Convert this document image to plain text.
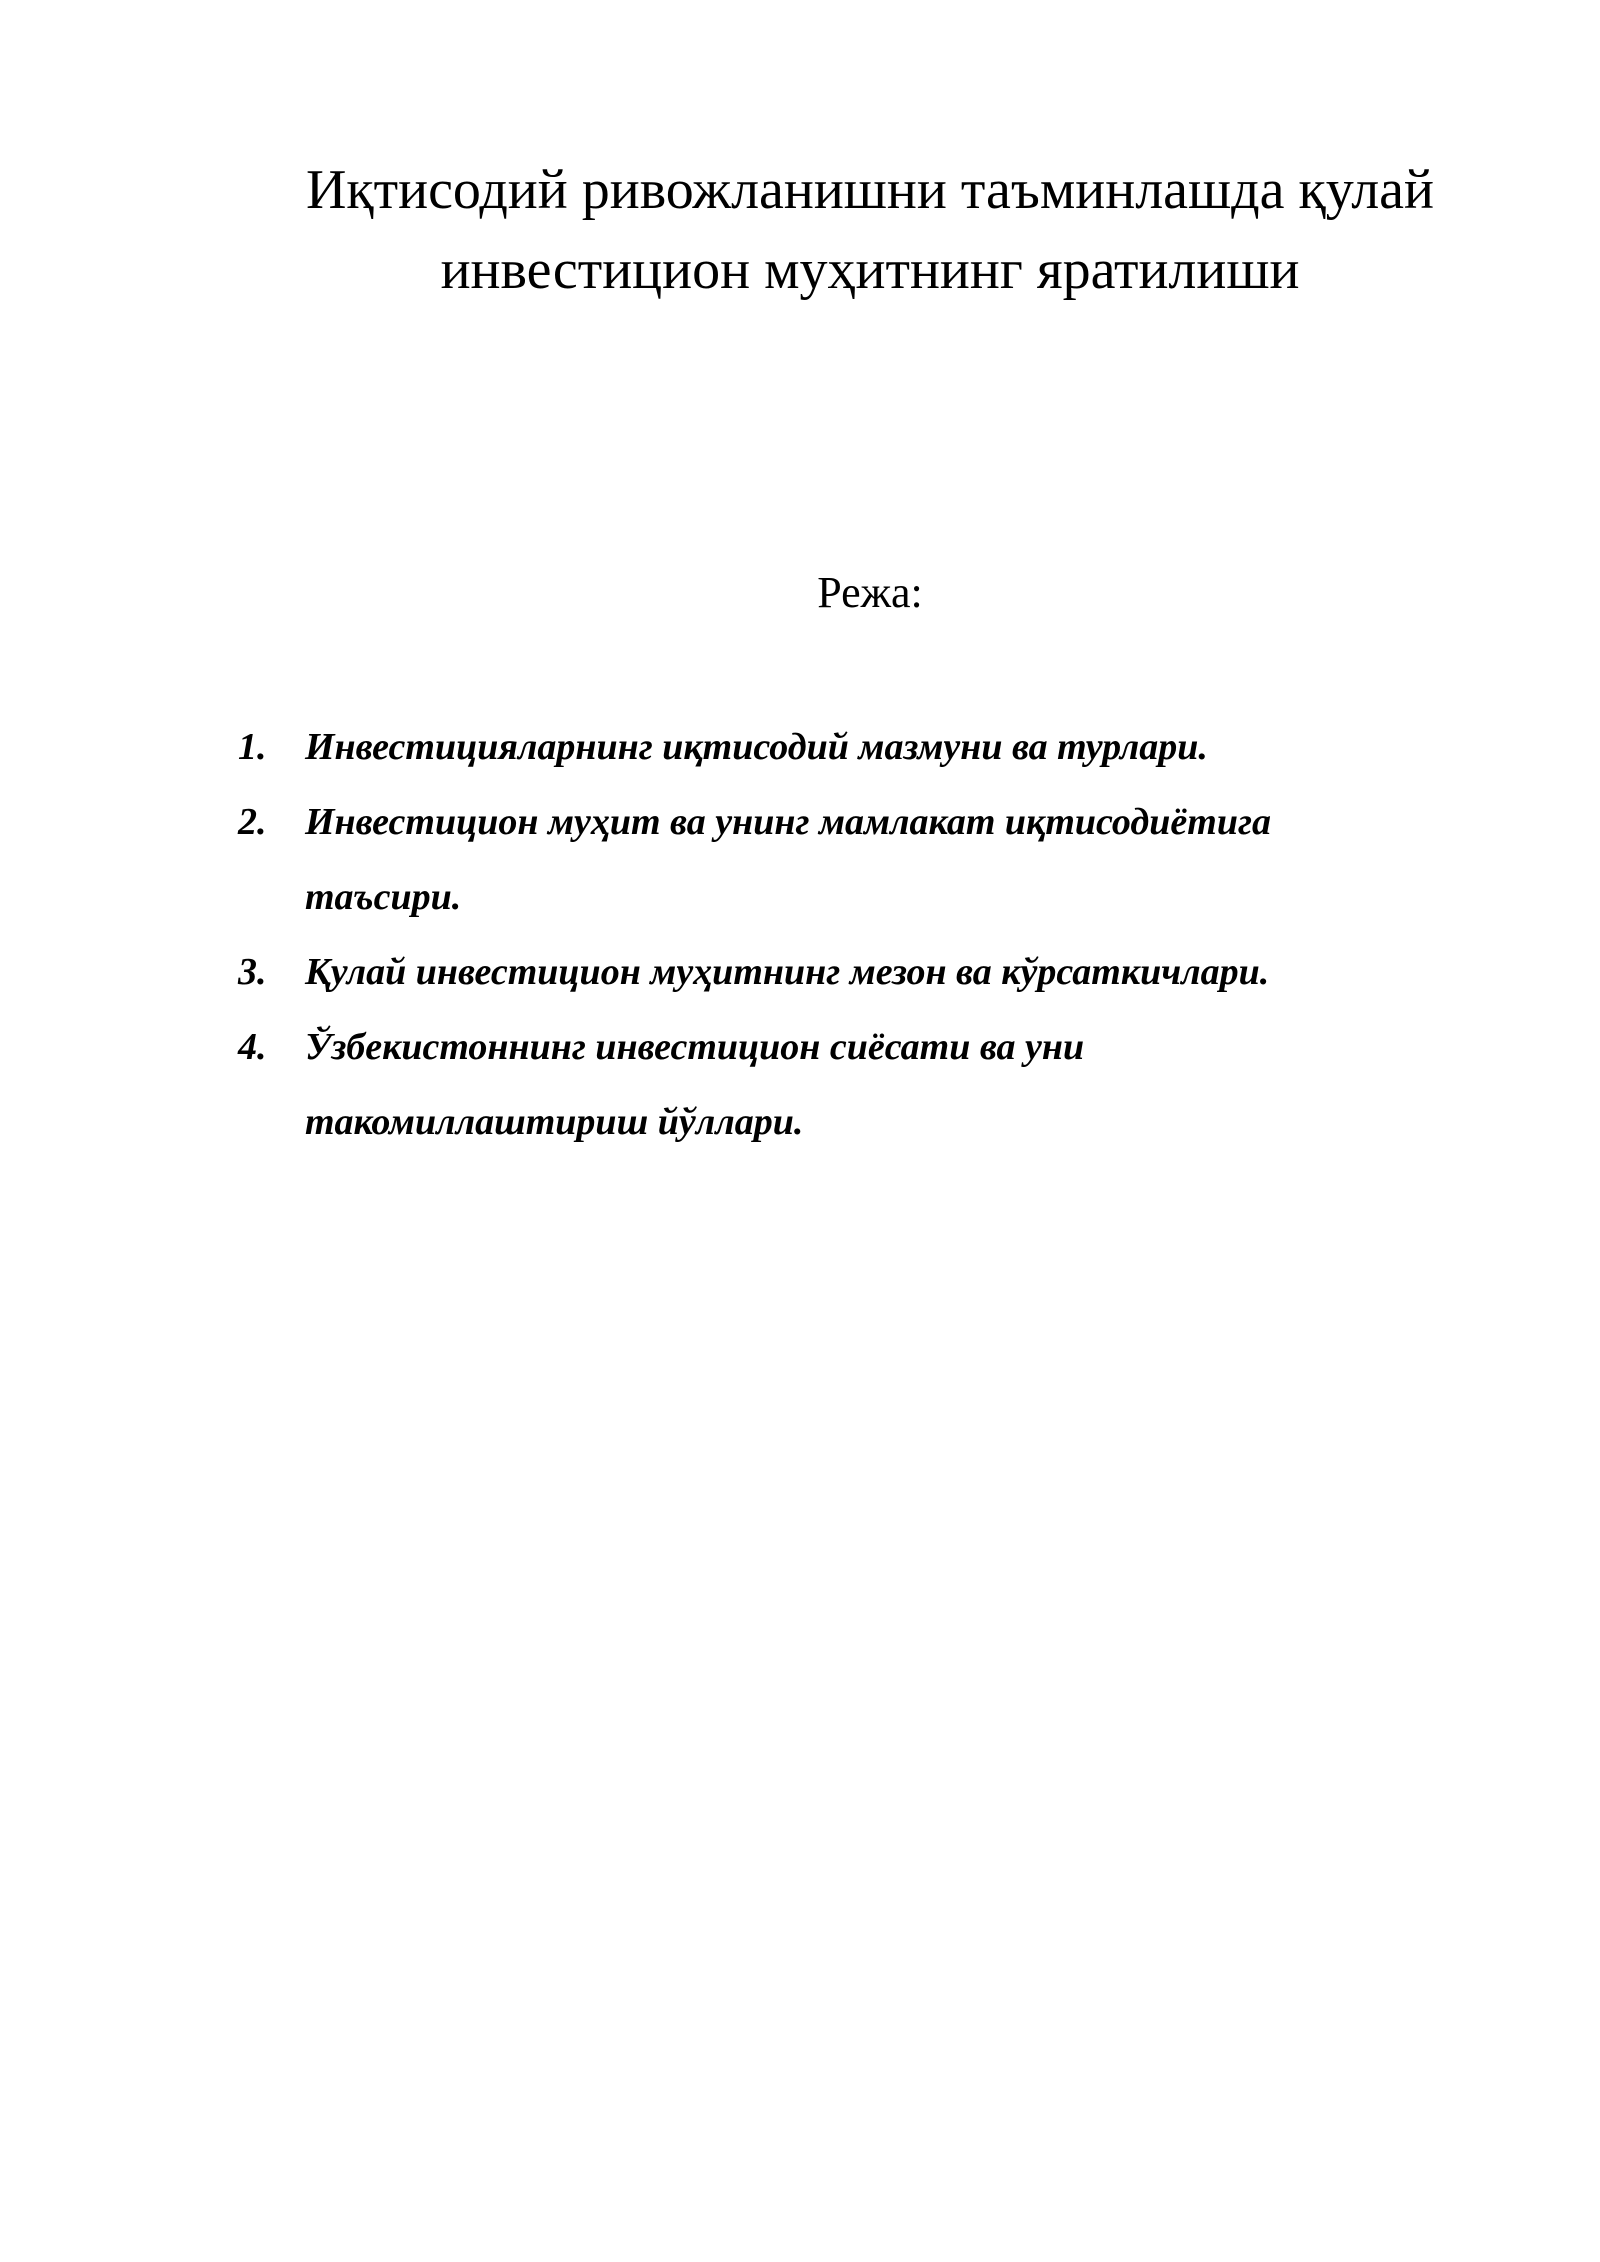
Иқтисодий ривожланишни таъминлашда қулай
инвестицион муҳитнинг яратилиши
Режа:
1. Инвестицияларнинг иқтисодий мазмуни ва турлари.
2. Инвестицион муҳит ва унинг мамлакат иқтисодиётига
таъсири.
3. Қулай инвестицион муҳитнинг мезон ва кўрсаткичлари.
4. Ўзбекистоннинг инвестицион сиёсати ва уни
такомиллаштириш йўллари.
